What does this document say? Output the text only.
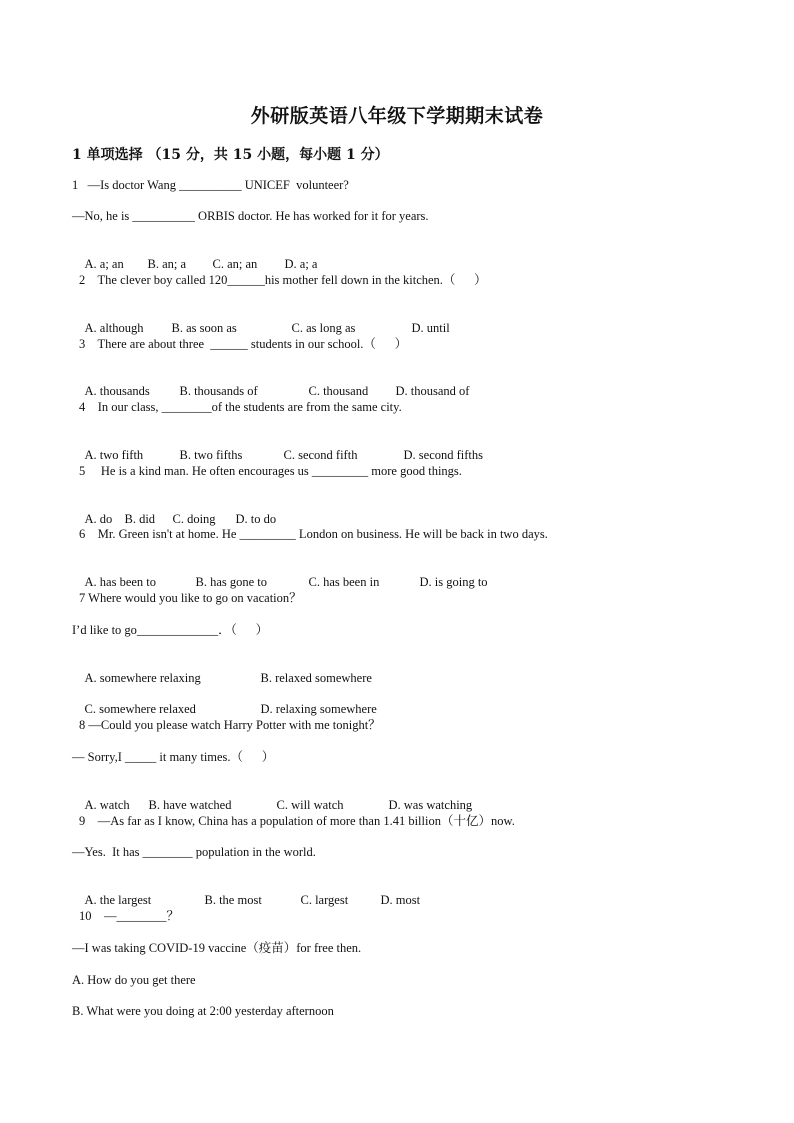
外研版英语八年级下学期期末试卷
1 单项选择 （15 分，共 15 小题，每小题 1 分）
1   —Is doctor Wang __________ UNICEF  volunteer?
—No, he is __________ ORBIS doctor. He has worked for it for years.

A. a; an B. an; a C. an; an D. a; a

2    The clever boy called 120______his mother fell down in the kitchen.（      ）

A. although B. as soon as	C. as long as	D. until

3    There are about three  ______ students in our school.（      ）

A. thousands B. thousands of	C. thousand D. thousand of

4    In our class, ________of the students are from the same city.

A. two fifth	B. two fifths	C. second fifth	D. second fifths

5     He is a kind man. He often encourages us _________ more good things.

A. do B. did C. doing D. to do

6    Mr. Green isn't at home. He _________ London on business. He will be back in two days.

A. has been to	B. has gone to	C. has been in	D. is going to

7 Where would you like to go on vacation？
I’d like to go_____________．（      ）

A. somewhere relaxing	B. relaxed somewhere

C. somewhere relaxed	D. relaxing somewhere

8 —Could you please watch Harry Potter with me tonight？
— Sorry,I _____ it many times.（      ）

A. watch B. have watched	C. will watch	D. was watching

9    —As far as I know, China has a population of more than 1.41 billion（十亿）now.
—Yes.  It has ________ population in the world.

A. the largest	B. the most	C. largest	D. most

10    —________？
—I was taking COVID-19 vaccine（疫苗）for free then.
A. How do you get there
B. What were you doing at 2:00 yesterday afternoon
